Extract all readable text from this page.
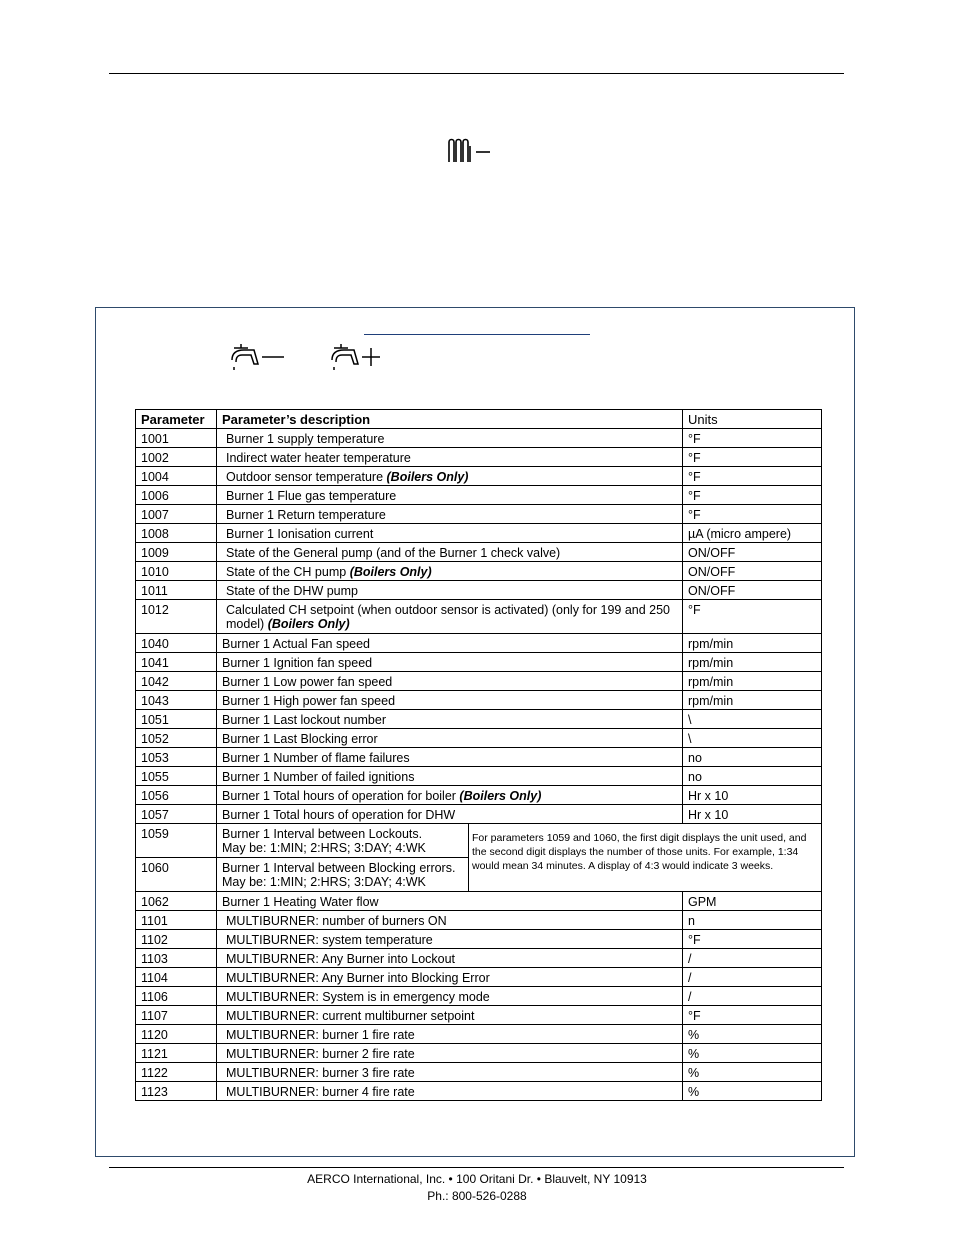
Parameter	Parameter’s description		Units
1001	Burner 1 supply temperature		°F
1002	Indirect water heater temperature		°F
1004	Outdoor sensor temperature (Boilers Only)		°F
1006	Burner 1 Flue gas temperature		°F
1007	Burner 1 Return temperature		°F
1008	Burner 1 Ionisation current		µA (micro ampere)
1009	State of the General pump (and of the Burner 1 check valve)		ON/OFF
1010	State of the CH pump (Boilers Only)		ON/OFF
1011	State of the DHW pump		ON/OFF
1012	Calculated CH setpoint (when outdoor sensor is activated) (only for 199 and 250 model) (Boilers Only)		°F
1040	Burner 1 Actual Fan speed		rpm/min
1041	Burner 1 Ignition fan speed		rpm/min
1042	Burner 1 Low power fan speed		rpm/min
1043	Burner 1 High power fan speed		rpm/min
1051	Burner 1 Last lockout number		\
1052	Burner 1 Last Blocking error		\
1053	Burner 1 Number of flame failures		no
1055	Burner 1 Number of failed ignitions		no
1056	Burner 1 Total hours of operation for boiler (Boilers Only)		Hr x 10
1057	Burner 1 Total hours of operation for DHW		Hr x 10
1059	Burner 1 Interval between Lockouts.
May be: 1:MIN; 2:HRS; 3:DAY; 4:WK	For parameters 1059 and 1060, the first digit displays the unit used, and the second digit displays the number of those units. For example, 1:34 would mean 34 minutes. A display of 4:3 would indicate 3 weeks.	
1060	Burner 1 Interval between Blocking errors.
May be: 1:MIN; 2:HRS; 3:DAY; 4:WK		
1062	Burner 1 Heating Water flow		GPM
1101	MULTIBURNER: number of burners ON		n
1102	MULTIBURNER: system temperature		°F
1103	MULTIBURNER: Any Burner into Lockout		/
1104	MULTIBURNER: Any Burner into Blocking Error		/
1106	MULTIBURNER: System is in emergency mode		/
1107	MULTIBURNER: current multiburner setpoint		°F
1120	MULTIBURNER: burner 1 fire rate		%
1121	MULTIBURNER: burner 2 fire rate		%
1122	MULTIBURNER: burner 3 fire rate		%
1123	MULTIBURNER: burner 4 fire rate		%
AERCO International, Inc. • 100 Oritani Dr. • Blauvelt, NY 10913
Ph.: 800-526-0288
